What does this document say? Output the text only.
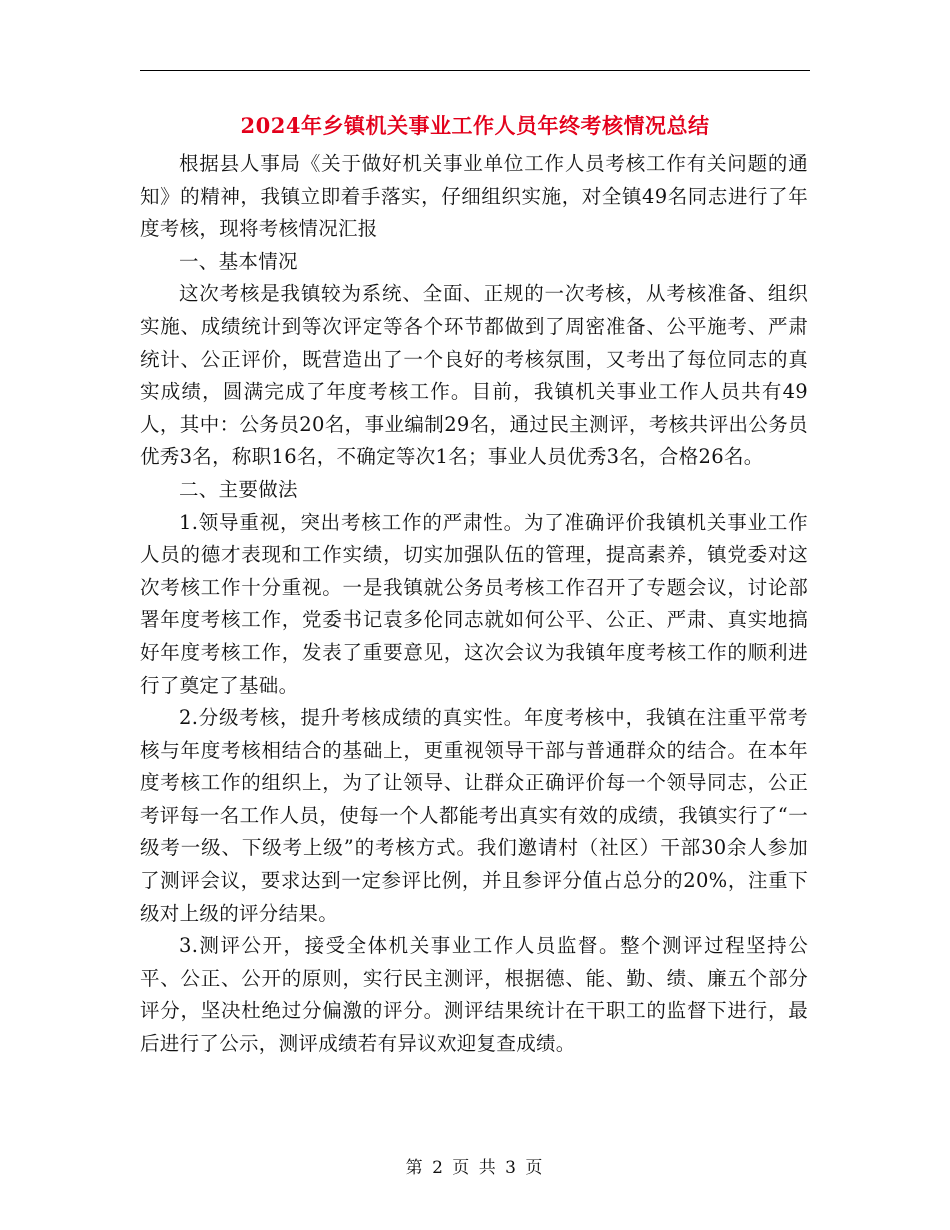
2024年乡镇机关事业工作人员年终考核情况总结

根据县人事局《关于做好机关事业单位工作人员考核工作有关问题的通知》的精神，我镇立即着手落实，仔细组织实施，对全镇49名同志进行了年度考核，现将考核情况汇报

一、基本情况

这次考核是我镇较为系统、全面、正规的一次考核，从考核准备、组织实施、成绩统计到等次评定等各个环节都做到了周密准备、公平施考、严肃统计、公正评价，既营造出了一个良好的考核氛围，又考出了每位同志的真实成绩，圆满完成了年度考核工作。目前，我镇机关事业工作人员共有49人，其中：公务员20名，事业编制29名，通过民主测评，考核共评出公务员优秀3名，称职16名，不确定等次1名；事业人员优秀3名，合格26名。

二、主要做法

1.领导重视，突出考核工作的严肃性。为了准确评价我镇机关事业工作人员的德才表现和工作实绩，切实加强队伍的管理，提高素养，镇党委对这次考核工作十分重视。一是我镇就公务员考核工作召开了专题会议，讨论部署年度考核工作，党委书记袁多伦同志就如何公平、公正、严肃、真实地搞好年度考核工作，发表了重要意见，这次会议为我镇年度考核工作的顺利进行了奠定了基础。

2.分级考核，提升考核成绩的真实性。年度考核中，我镇在注重平常考核与年度考核相结合的基础上，更重视领导干部与普通群众的结合。在本年度考核工作的组织上，为了让领导、让群众正确评价每一个领导同志，公正考评每一名工作人员，使每一个人都能考出真实有效的成绩，我镇实行了“一级考一级、下级考上级”的考核方式。我们邀请村（社区）干部30余人参加了测评会议，要求达到一定参评比例，并且参评分值占总分的20%，注重下级对上级的评分结果。

3.测评公开，接受全体机关事业工作人员监督。整个测评过程坚持公平、公正、公开的原则，实行民主测评，根据德、能、勤、绩、廉五个部分评分，坚决杜绝过分偏激的评分。测评结果统计在干职工的监督下进行，最后进行了公示，测评成绩若有异议欢迎复查成绩。

第 2 页 共 3 页
